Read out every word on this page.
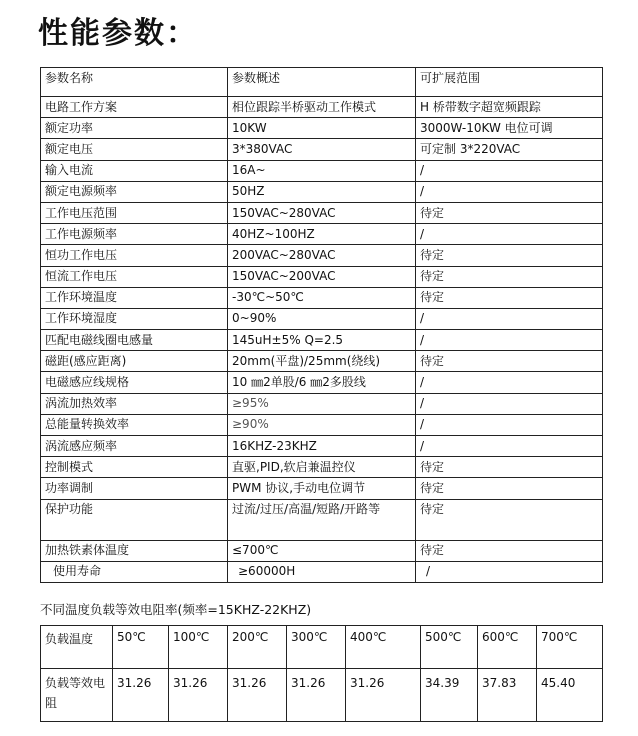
性能参数：
参数名称	参数概述	可扩展范围
电路工作方案	相位跟踪半桥驱动工作模式	H 桥带数字超宽频跟踪
额定功率	10KW	3000W-10KW 电位可调
额定电压	3*380VAC	可定制 3*220VAC
输入电流	16A~	/
额定电源频率	50HZ	/
工作电压范围	150VAC~280VAC	待定
工作电源频率	40HZ~100HZ	/
恒功工作电压	200VAC~280VAC	待定
恒流工作电压	150VAC~200VAC	待定
工作环境温度	-30℃~50℃	待定
工作环境湿度	0~90%	/
匹配电磁线圈电感量	145uH±5% Q=2.5	/
磁距(感应距离)	20mm(平盘)/25mm(绕线)	待定
电磁感应线规格	10 ㎜2单股/6 ㎜2多股线	/
涡流加热效率	≥95%	/
总能量转换效率	≥90%	/
涡流感应频率	16KHZ-23KHZ	/
控制模式	直驱,PID,软启兼温控仪	待定
功率调制	PWM 协议,手动电位调节	待定
保护功能	过流/过压/高温/短路/开路等	待定
加热铁素体温度	≤700℃	待定
使用寿命	≥60000H	/
不同温度负载等效电阻率(频率=15KHZ-22KHZ)
负载温度	50℃	100℃	200℃	300℃	400℃	500℃	600℃	700℃
负载等效电阻	31.26	31.26	31.26	31.26	31.26	34.39	37.83	45.40
